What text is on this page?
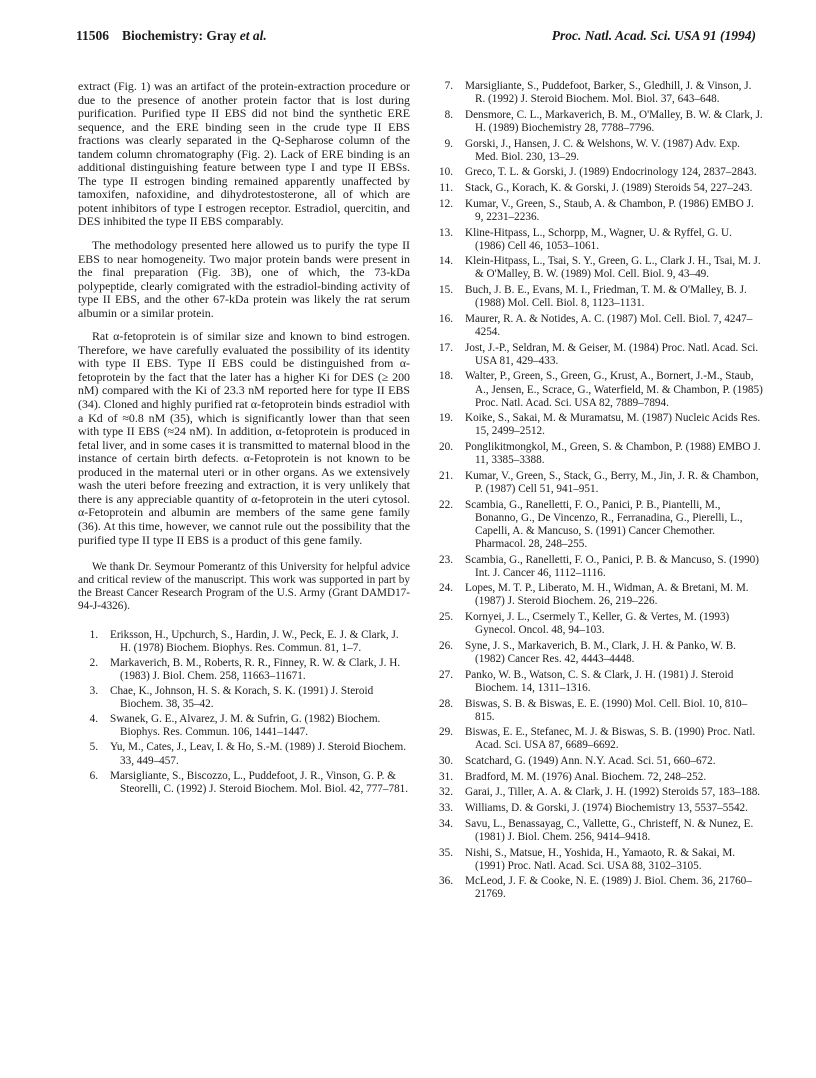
11506 Biochemistry: Gray et al.	Proc. Natl. Acad. Sci. USA 91 (1994)

extract (Fig. 1) was an artifact of the protein-extraction procedure or due to the presence of another protein factor that is lost during purification. Purified type II EBS did not bind the synthetic ERE sequence, and the ERE binding seen in the crude type II EBS fractions was clearly separated in the Q-Sepharose column of the tandem column chromatography (Fig. 2). Lack of ERE binding is an additional distinguishing feature between type I and type II EBSs. The type II estrogen binding remained apparently unaffected by tamoxifen, nafoxidine, and dihydrotestosterone, all of which are potent inhibitors of type I estrogen receptor. Estradiol, quercitin, and DES inhibited the type II EBS comparably.

The methodology presented here allowed us to purify the type II EBS to near homogeneity. Two major protein bands were present in the final preparation (Fig. 3B), one of which, the 73-kDa polypeptide, clearly comigrated with the estradiol-binding activity of type II EBS, and the other 67-kDa protein was likely the rat serum albumin or a similar protein.

Rat α-fetoprotein is of similar size and known to bind estrogen. Therefore, we have carefully evaluated the possibility of its identity with type II EBS. Type II EBS could be distinguished from α-fetoprotein by the fact that the later has a higher Ki for DES (≥ 200 nM) compared with the Ki of 23.3 nM reported here for type II EBS (34). Cloned and highly purified rat α-fetoprotein binds estradiol with a Kd of ≈0.8 nM (35), which is significantly lower than that seen with type II EBS (≈24 nM). In addition, α-fetoprotein is produced in fetal liver, and in some cases it is transmitted to maternal blood in the instance of certain birth defects. α-Fetoprotein is not known to be produced in the maternal uteri or in other organs. As we extensively wash the uteri before freezing and extraction, it is very unlikely that there is any appreciable quantity of α-fetoprotein in the uteri cytosol. α-Fetoprotein and albumin are members of the same gene family (36). At this time, however, we cannot rule out the possibility that the purified type II type II EBS is a product of this gene family.

We thank Dr. Seymour Pomerantz of this University for helpful advice and critical review of the manuscript. This work was supported in part by the Breast Cancer Research Program of the U.S. Army (Grant DAMD17-94-J-4326).

1. Eriksson, H., Upchurch, S., Hardin, J. W., Peck, E. J. & Clark, J. H. (1978) Biochem. Biophys. Res. Commun. 81, 1–7.
2. Markaverich, B. M., Roberts, R. R., Finney, R. W. & Clark, J. H. (1983) J. Biol. Chem. 258, 11663–11671.
3. Chae, K., Johnson, H. S. & Korach, S. K. (1991) J. Steroid Biochem. 38, 35–42.
4. Swanek, G. E., Alvarez, J. M. & Sufrin, G. (1982) Biochem. Biophys. Res. Commun. 106, 1441–1447.
5. Yu, M., Cates, J., Leav, I. & Ho, S.-M. (1989) J. Steroid Biochem. 33, 449–457.
6. Marsigliante, S., Biscozzo, L., Puddefoot, J. R., Vinson, G. P. & Steorelli, C. (1992) J. Steroid Biochem. Mol. Biol. 42, 777–781.
7. Marsigliante, S., Puddefoot, Barker, S., Gledhill, J. & Vinson, J. R. (1992) J. Steroid Biochem. Mol. Biol. 37, 643–648.
8. Densmore, C. L., Markaverich, B. M., O'Malley, B. W. & Clark, J. H. (1989) Biochemistry 28, 7788–7796.
9. Gorski, J., Hansen, J. C. & Welshons, W. V. (1987) Adv. Exp. Med. Biol. 230, 13–29.
10. Greco, T. L. & Gorski, J. (1989) Endocrinology 124, 2837–2843.
11. Stack, G., Korach, K. & Gorski, J. (1989) Steroids 54, 227–243.
12. Kumar, V., Green, S., Staub, A. & Chambon, P. (1986) EMBO J. 9, 2231–2236.
13. Kline-Hitpass, L., Schorpp, M., Wagner, U. & Ryffel, G. U. (1986) Cell 46, 1053–1061.
14. Klein-Hitpass, L., Tsai, S. Y., Green, G. L., Clark J. H., Tsai, M. J. & O'Malley, B. W. (1989) Mol. Cell. Biol. 9, 43–49.
15. Buch, J. B. E., Evans, M. I., Friedman, T. M. & O'Malley, B. J. (1988) Mol. Cell. Biol. 8, 1123–1131.
16. Maurer, R. A. & Notides, A. C. (1987) Mol. Cell. Biol. 7, 4247–4254.
17. Jost, J.-P., Seldran, M. & Geiser, M. (1984) Proc. Natl. Acad. Sci. USA 81, 429–433.
18. Walter, P., Green, S., Green, G., Krust, A., Bornert, J.-M., Staub, A., Jensen, E., Scrace, G., Waterfield, M. & Chambon, P. (1985) Proc. Natl. Acad. Sci. USA 82, 7889–7894.
19. Koike, S., Sakai, M. & Muramatsu, M. (1987) Nucleic Acids Res. 15, 2499–2512.
20. Ponglikitmongkol, M., Green, S. & Chambon, P. (1988) EMBO J. 11, 3385–3388.
21. Kumar, V., Green, S., Stack, G., Berry, M., Jin, J. R. & Chambon, P. (1987) Cell 51, 941–951.
22. Scambia, G., Ranelletti, F. O., Panici, P. B., Piantelli, M., Bonanno, G., De Vincenzo, R., Ferranadina, G., Pierelli, L., Capelli, A. & Mancuso, S. (1991) Cancer Chemother. Pharmacol. 28, 248–255.
23. Scambia, G., Ranelletti, F. O., Panici, P. B. & Mancuso, S. (1990) Int. J. Cancer 46, 1112–1116.
24. Lopes, M. T. P., Liberato, M. H., Widman, A. & Bretani, M. M. (1987) J. Steroid Biochem. 26, 219–226.
25. Kornyei, J. L., Csermely T., Keller, G. & Vertes, M. (1993) Gynecol. Oncol. 48, 94–103.
26. Syne, J. S., Markaverich, B. M., Clark, J. H. & Panko, W. B. (1982) Cancer Res. 42, 4443–4448.
27. Panko, W. B., Watson, C. S. & Clark, J. H. (1981) J. Steroid Biochem. 14, 1311–1316.
28. Biswas, S. B. & Biswas, E. E. (1990) Mol. Cell. Biol. 10, 810–815.
29. Biswas, E. E., Stefanec, M. J. & Biswas, S. B. (1990) Proc. Natl. Acad. Sci. USA 87, 6689–6692.
30. Scatchard, G. (1949) Ann. N.Y. Acad. Sci. 51, 660–672.
31. Bradford, M. M. (1976) Anal. Biochem. 72, 248–252.
32. Garai, J., Tiller, A. A. & Clark, J. H. (1992) Steroids 57, 183–188.
33. Williams, D. & Gorski, J. (1974) Biochemistry 13, 5537–5542.
34. Savu, L., Benassayag, C., Vallette, G., Christeff, N. & Nunez, E. (1981) J. Biol. Chem. 256, 9414–9418.
35. Nishi, S., Matsue, H., Yoshida, H., Yamaoto, R. & Sakai, M. (1991) Proc. Natl. Acad. Sci. USA 88, 3102–3105.
36. McLeod, J. F. & Cooke, N. E. (1989) J. Biol. Chem. 36, 21760–21769.
